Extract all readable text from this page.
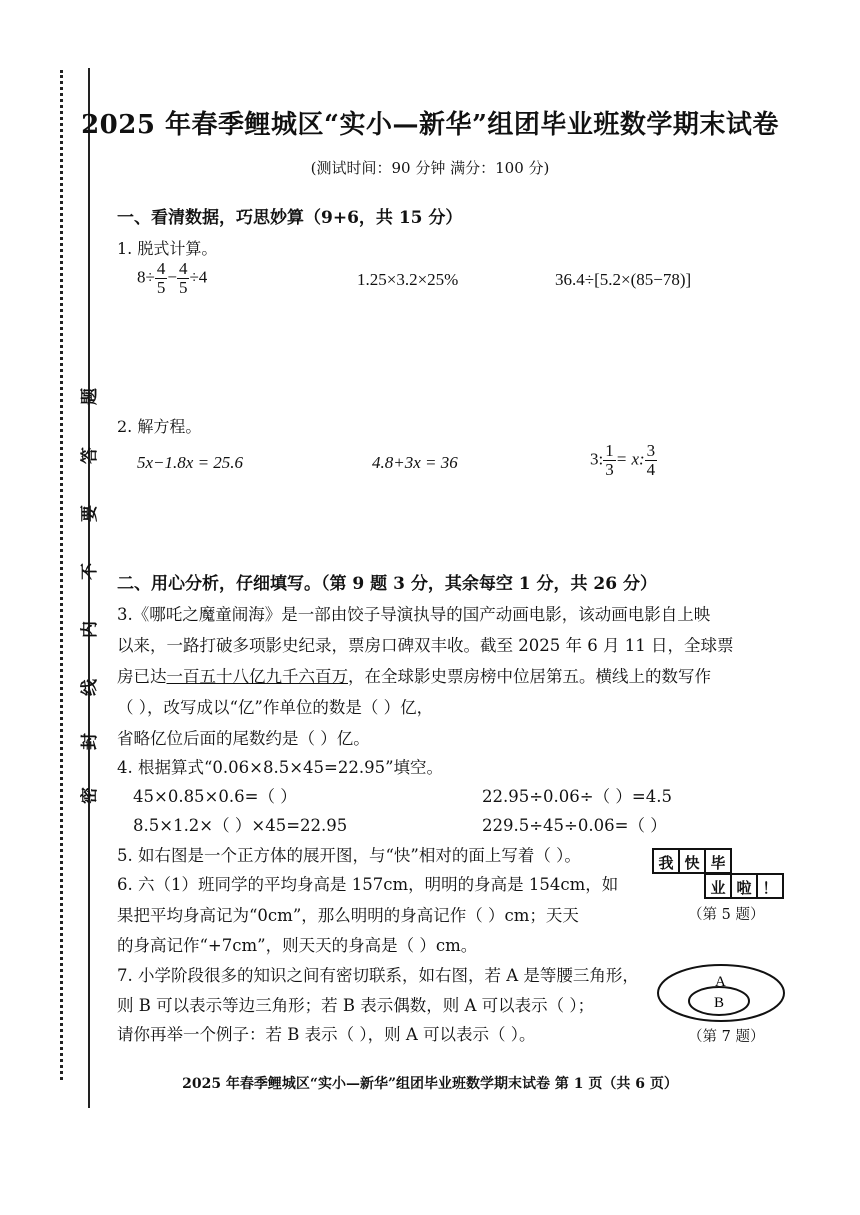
题
答
要
不
内
线
封
密
2025 年春季鲤城区“实小—新华”组团毕业班数学期末试卷
(测试时间：90 分钟 满分：100 分)
一、看清数据，巧思妙算（9+6，共 15 分）
1. 脱式计算。
$8\div \frac{4}{5} - \frac{4}{5} \div 4$	1.25×3.2×25%	36.4÷[5.2×(85−78)]
2. 解方程。
5x−1.8x = 25.6	4.8+3x = 36	3: $\frac{1}{3} = x$: $\frac{3}{4}$
二、用心分析，仔细填写。（第 9 题 3 分，其余每空 1 分，共 26 分）
3.《哪吒之魔童闹海》是一部由饺子导演执导的国产动画电影，该动画电影自上映
以来，一路打破多项影史纪录，票房口碑双丰收。截至 2025 年 6 月 11 日，全球票
房已达一百五十八亿九千六百万，在全球影史票房榜中位居第五。横线上的数写作
（ ），改写成以“亿”作单位的数是（ ）亿，
省略亿位后面的尾数约是（ ）亿。
4. 根据算式“0.06×8.5×45=22.95”填空。
45×0.85×0.6=（ ）	22.95÷0.06÷（ ）=4.5
8.5×1.2×（ ）×45=22.95	229.5÷45÷0.06=（ ）
5. 如右图是一个正方体的展开图，与“快”相对的面上写着（ ）。	我 快 毕
业 啦 ！
（第 5 题）
6. 六（1）班同学的平均身高是 157cm，明明的身高是 154cm，如
果把平均身高记为“0cm”，那么明明的身高记作（ ）cm；天天
的身高记作“+7cm”，则天天的身高是（ ）cm。
7. 小学阶段很多的知识之间有密切联系，如右图，若 A 是等腰三角形，
则 B 可以表示等边三角形；若 B 表示偶数，则 A 可以表示（ ）；
请你再举一个例子：若 B 表示（ ），则 A 可以表示（ ）。
A
B
（第 7 题）
2025 年春季鲤城区“实小—新华”组团毕业班数学期末试卷 第 1 页（共 6 页）
